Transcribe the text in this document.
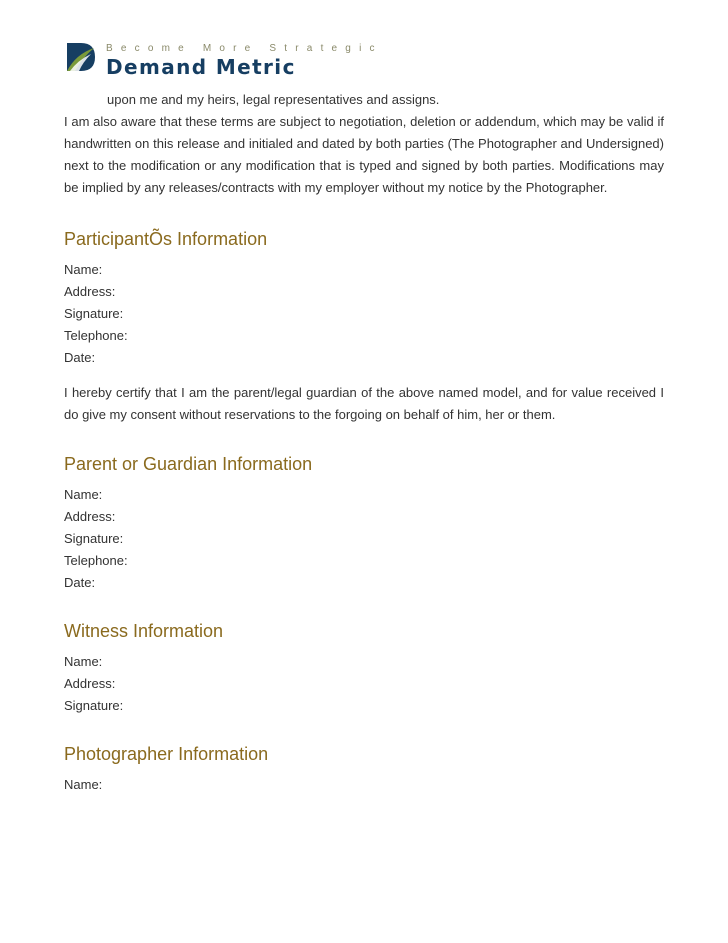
Become More Strategic
Demand Metric

upon me and my heirs, legal representatives and assigns.

I am also aware that these terms are subject to negotiation, deletion or addendum, which may be valid if handwritten on this release and initialed and dated by both parties (The Photographer and Undersigned) next to the modification or any modification that is typed and signed by both parties. Modifications may be implied by any releases/contracts with my employer without my notice by the Photographer.

ParticipantÕs Information

Name:

Address:

Signature:

Telephone:

Date:

I hereby certify that I am the parent/legal guardian of the above named model, and for value received I do give my consent without reservations to the forgoing on behalf of him, her or them.

Parent or Guardian Information

Name:

Address:

Signature:

Telephone:

Date:

Witness Information

Name:

Address:

Signature:

Photographer Information

Name:
